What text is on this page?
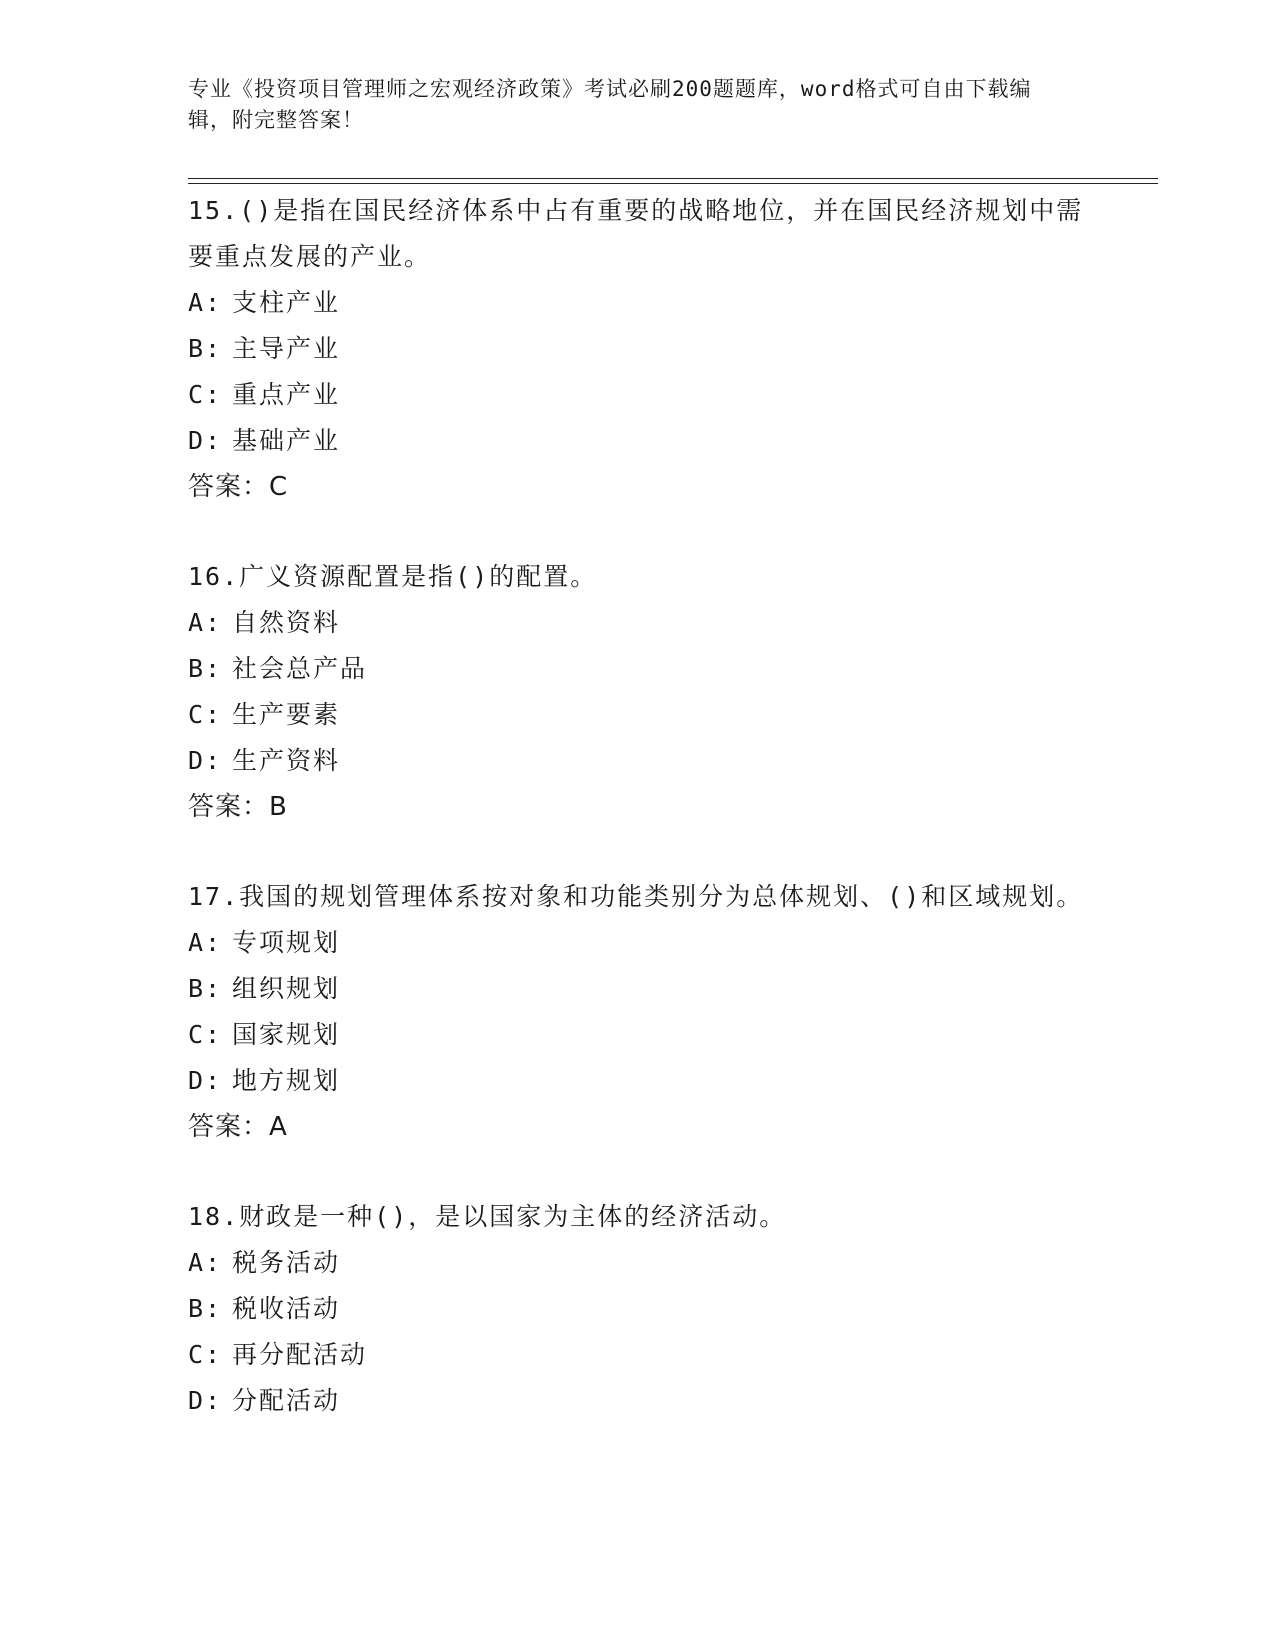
专业《投资项目管理师之宏观经济政策》考试必刷200题题库，word格式可自由下载编辑，附完整答案！

15.()是指在国民经济体系中占有重要的战略地位，并在国民经济规划中需要重点发展的产业。

A: 支柱产业

B: 主导产业

C: 重点产业

D: 基础产业

答案：C

16.广义资源配置是指()的配置。

A: 自然资料

B: 社会总产品

C: 生产要素

D: 生产资料

答案：B

17.我国的规划管理体系按对象和功能类别分为总体规划、()和区域规划。

A: 专项规划

B: 组织规划

C: 国家规划

D: 地方规划

答案：A

18.财政是一种()，是以国家为主体的经济活动。

A: 税务活动

B: 税收活动

C: 再分配活动

D: 分配活动
